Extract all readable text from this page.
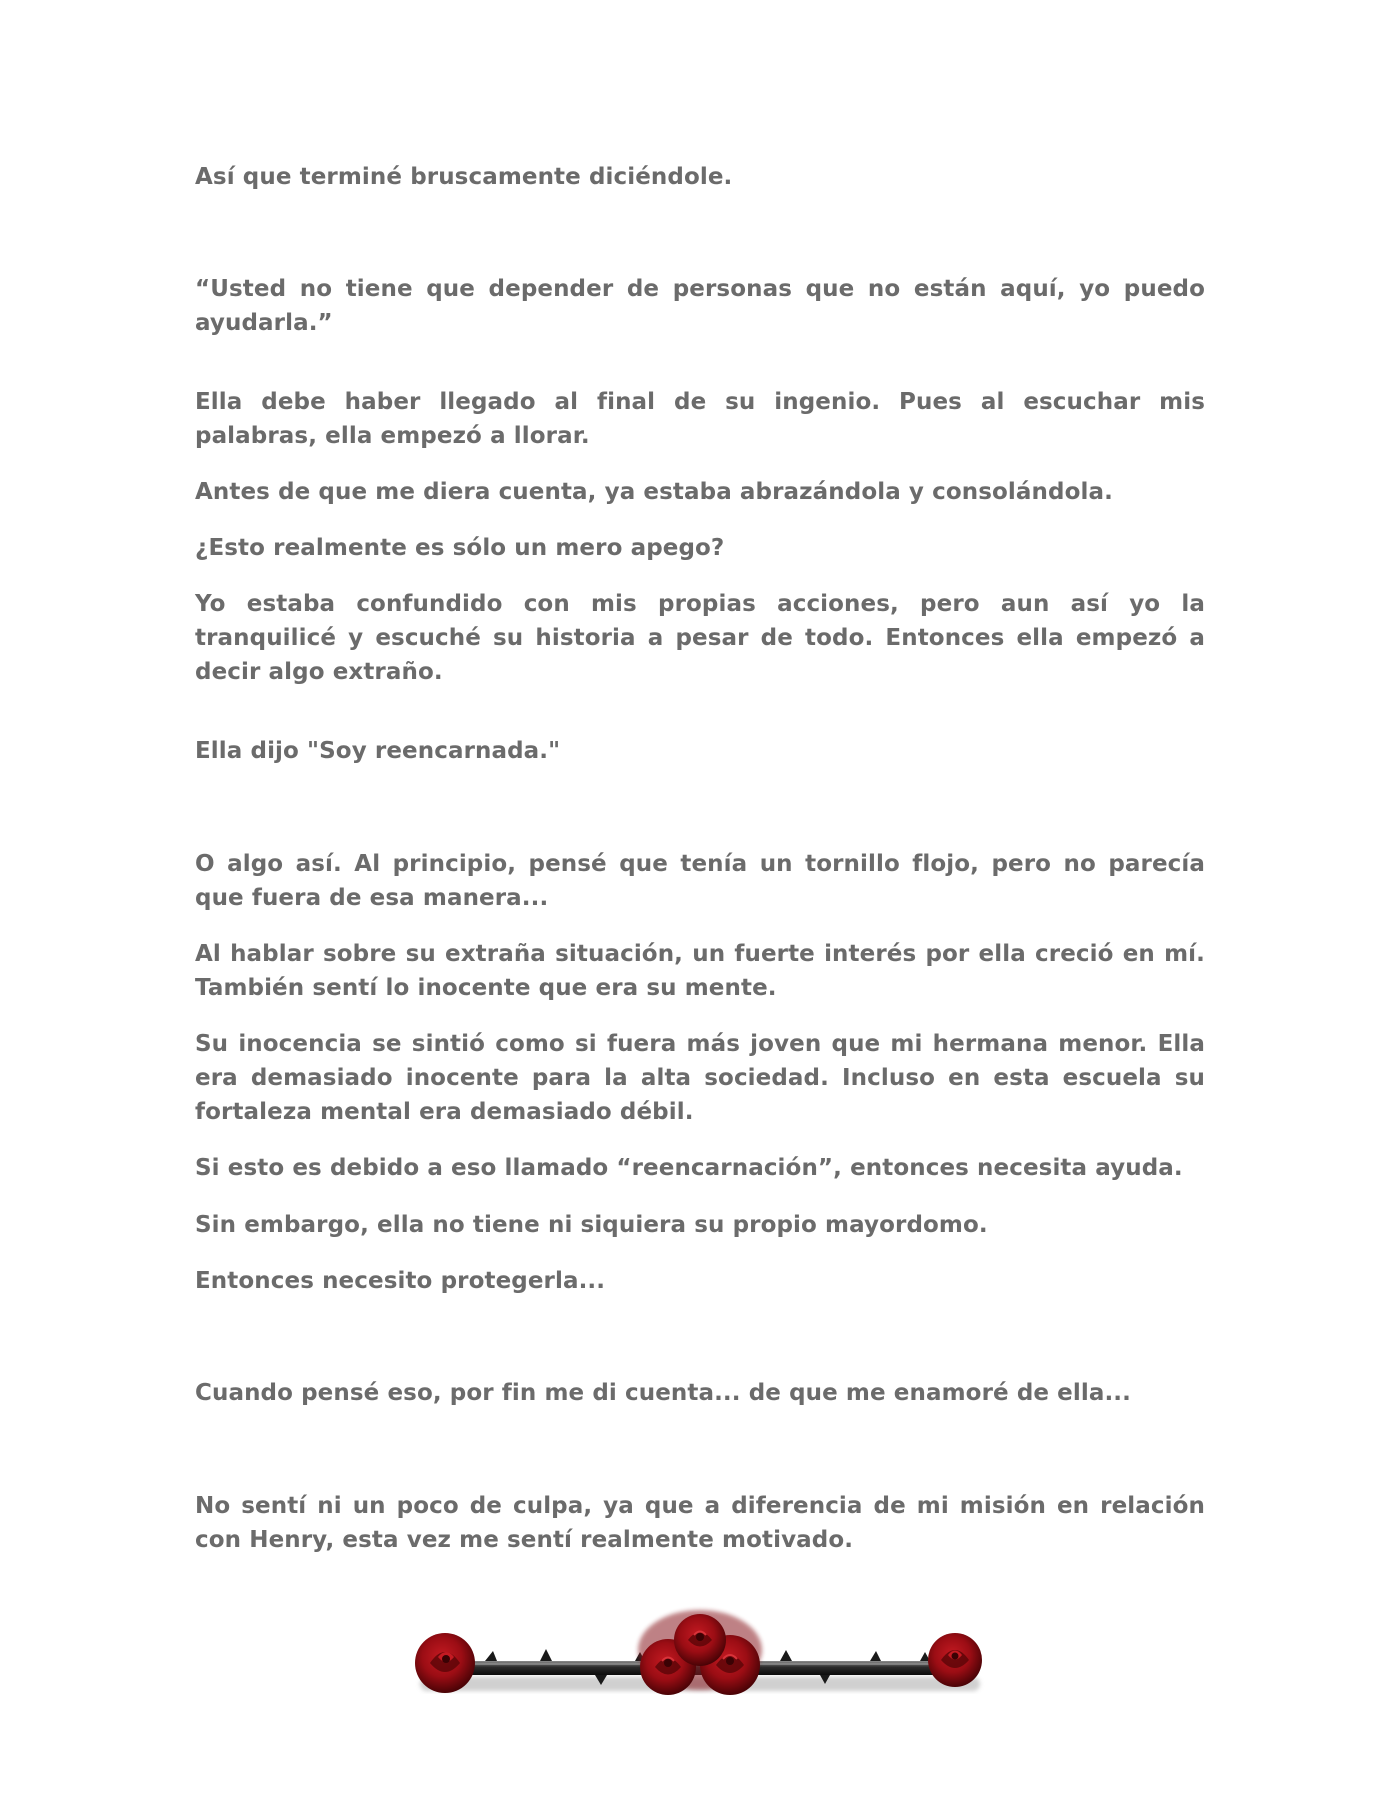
Así que terminé bruscamente diciéndole.

“Usted no tiene que depender de personas que no están aquí, yo puedo ayudarla.”

Ella debe haber llegado al final de su ingenio. Pues al escuchar mis palabras, ella empezó a llorar.

Antes de que me diera cuenta, ya estaba abrazándola y consolándola.

¿Esto realmente es sólo un mero apego?

Yo estaba confundido con mis propias acciones, pero aun así yo la tranquilicé y escuché su historia a pesar de todo. Entonces ella empezó a decir algo extraño.

Ella dijo "Soy reencarnada."

O algo así. Al principio, pensé que tenía un tornillo flojo, pero no parecía que fuera de esa manera...

Al hablar sobre su extraña situación, un fuerte interés por ella creció en mí. También sentí lo inocente que era su mente.

Su inocencia se sintió como si fuera más joven que mi hermana menor. Ella era demasiado inocente para la alta sociedad. Incluso en esta escuela su fortaleza mental era demasiado débil.

Si esto es debido a eso llamado “reencarnación”, entonces necesita ayuda.

Sin embargo, ella no tiene ni siquiera su propio mayordomo.

Entonces necesito protegerla...

Cuando pensé eso, por fin me di cuenta... de que me enamoré de ella...

No sentí ni un poco de culpa, ya que a diferencia de mi misión en relación con Henry, esta vez me sentí realmente motivado.
